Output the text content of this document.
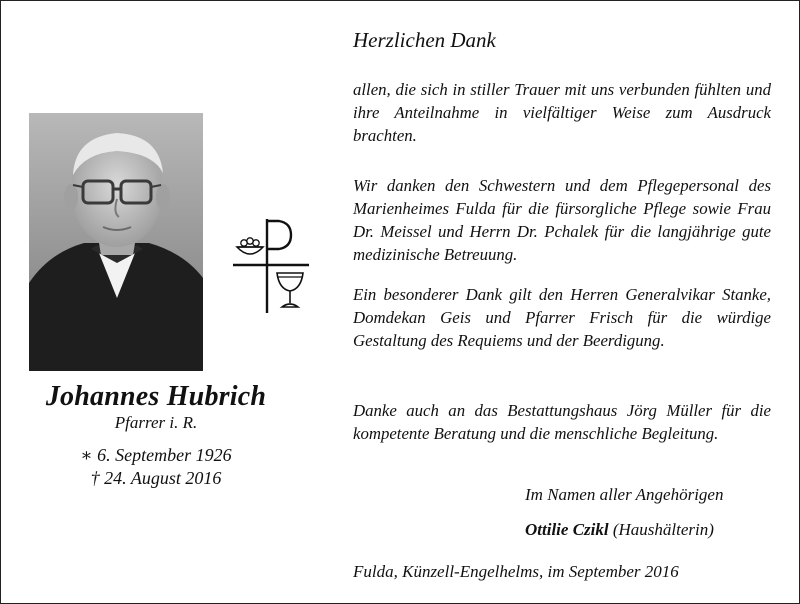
Johannes Hubrich
Pfarrer i. R.
∗ 6. September 1926
† 24. August 2016
Herzlichen Dank
allen, die sich in stiller Trauer mit uns verbunden fühlten und ihre Anteilnahme in vielfältiger Weise zum Ausdruck brachten.
Wir danken den Schwestern und dem Pflegepersonal des Marienheimes Fulda für die fürsorgliche Pflege sowie Frau Dr. Meissel und Herrn Dr. Pchalek für die langjährige gute medizinische Betreuung.
Ein besonderer Dank gilt den Herren Generalvikar Stanke, Domdekan Geis und Pfarrer Frisch für die würdige Gestaltung des Requiems und der Beerdigung.
Danke auch an das Bestattungshaus Jörg Müller für die kompetente Beratung und die menschliche Begleitung.
Im Namen aller Angehörigen
Ottilie Czikl (Haushälterin)
Fulda, Künzell-Engelhelms, im September 2016
